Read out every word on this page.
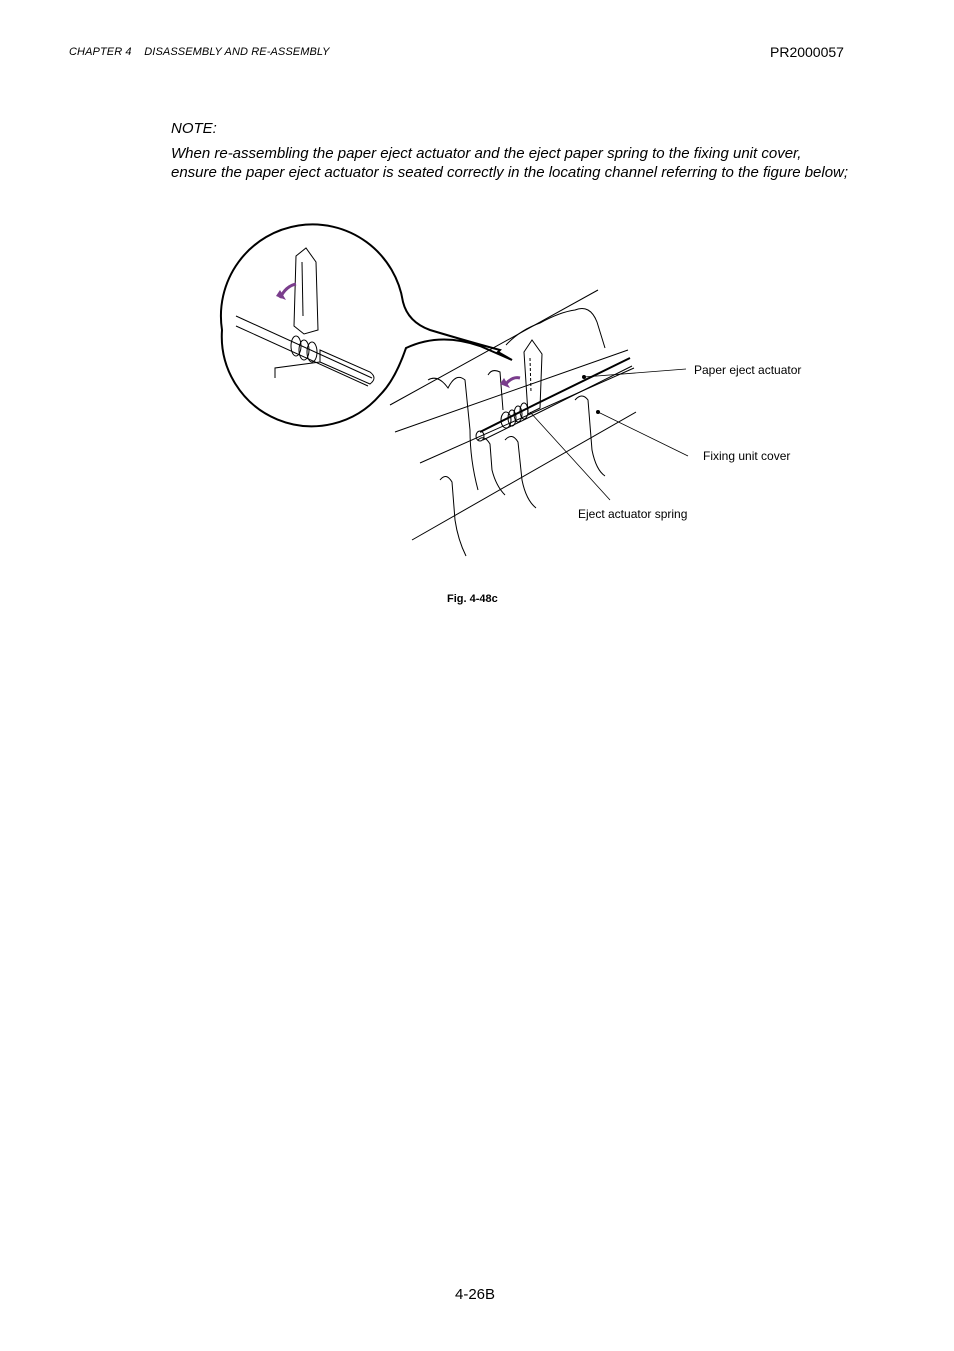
CHAPTER 4    DISASSEMBLY AND RE-ASSEMBLY	PR2000057
NOTE:
When re-assembling the paper eject actuator and the eject paper spring to the fixing unit cover, ensure the paper eject actuator is seated correctly in the locating channel referring to the figure below;
Paper eject actuator
Fixing unit cover
Eject actuator spring
Fig. 4-48c
4-26B
